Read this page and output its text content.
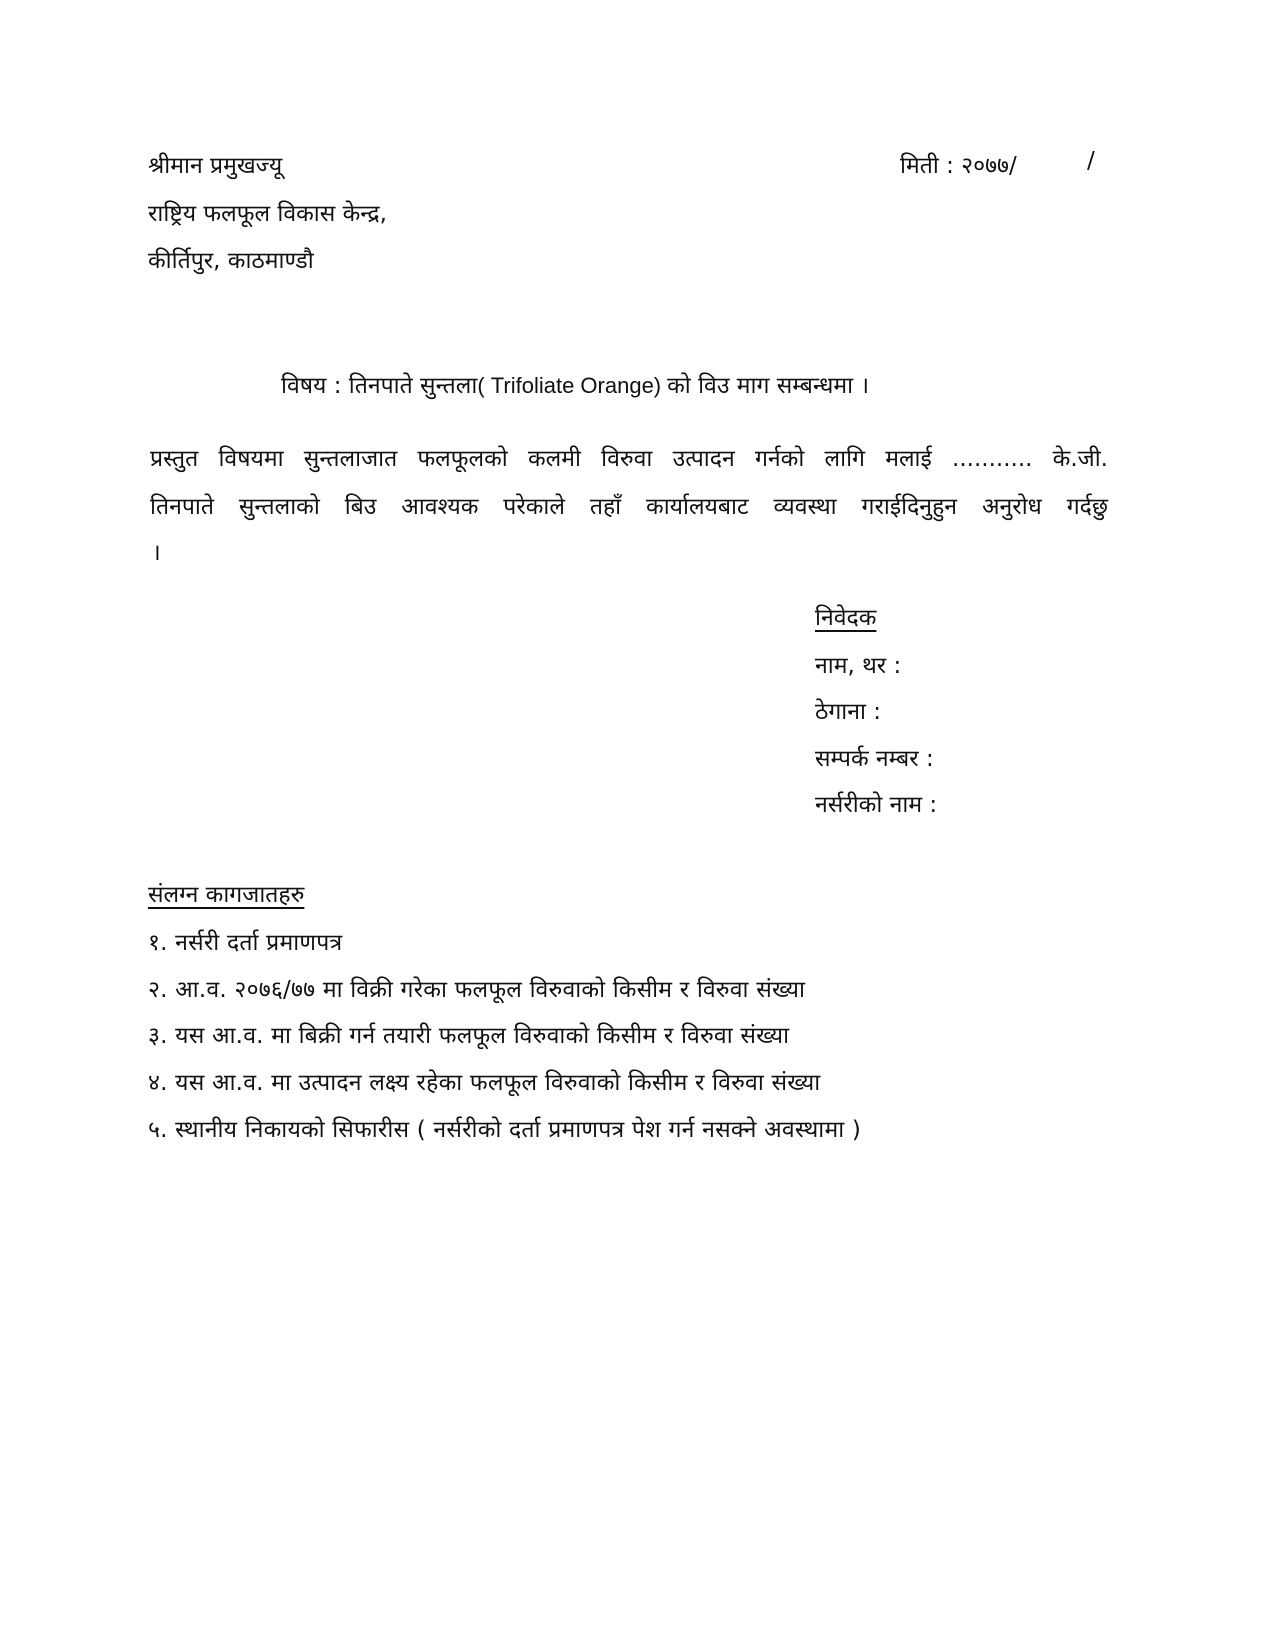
श्रीमान प्रमुखज्यू
राष्ट्रिय फलफूल विकास केन्द्र,
कीर्तिपुर, काठमाण्डौ
मिती : २०७७/	/
विषय : तिनपाते सुन्तला( Trifoliate Orange) को विउ माग सम्बन्धमा ।
प्रस्तुत विषयमा सुन्तलाजात फलफूलको कलमी विरुवा उत्पादन गर्नको लागि मलाई ........... के.जी.
तिनपाते सुन्तलाको बिउ आवश्यक परेकाले तहाँ कार्यालयबाट व्यवस्था गराईदिनुहुन अनुरोध गर्दछु
।
निवेदक
नाम, थर :
ठेगाना :
सम्पर्क नम्बर :
नर्सरीको नाम :
संलग्न कागजातहरु
१. नर्सरी दर्ता प्रमाणपत्र
२. आ.व. २०७६/७७ मा विक्री गरेका फलफूल विरुवाको किसीम र विरुवा संख्या
३. यस आ.व. मा बिक्री गर्न तयारी फलफूल विरुवाको किसीम र विरुवा संख्या
४. यस आ.व. मा उत्पादन लक्ष्य रहेका फलफूल विरुवाको किसीम र विरुवा संख्या
५. स्थानीय निकायको सिफारीस ( नर्सरीको दर्ता प्रमाणपत्र पेश गर्न नसक्ने अवस्थामा )
